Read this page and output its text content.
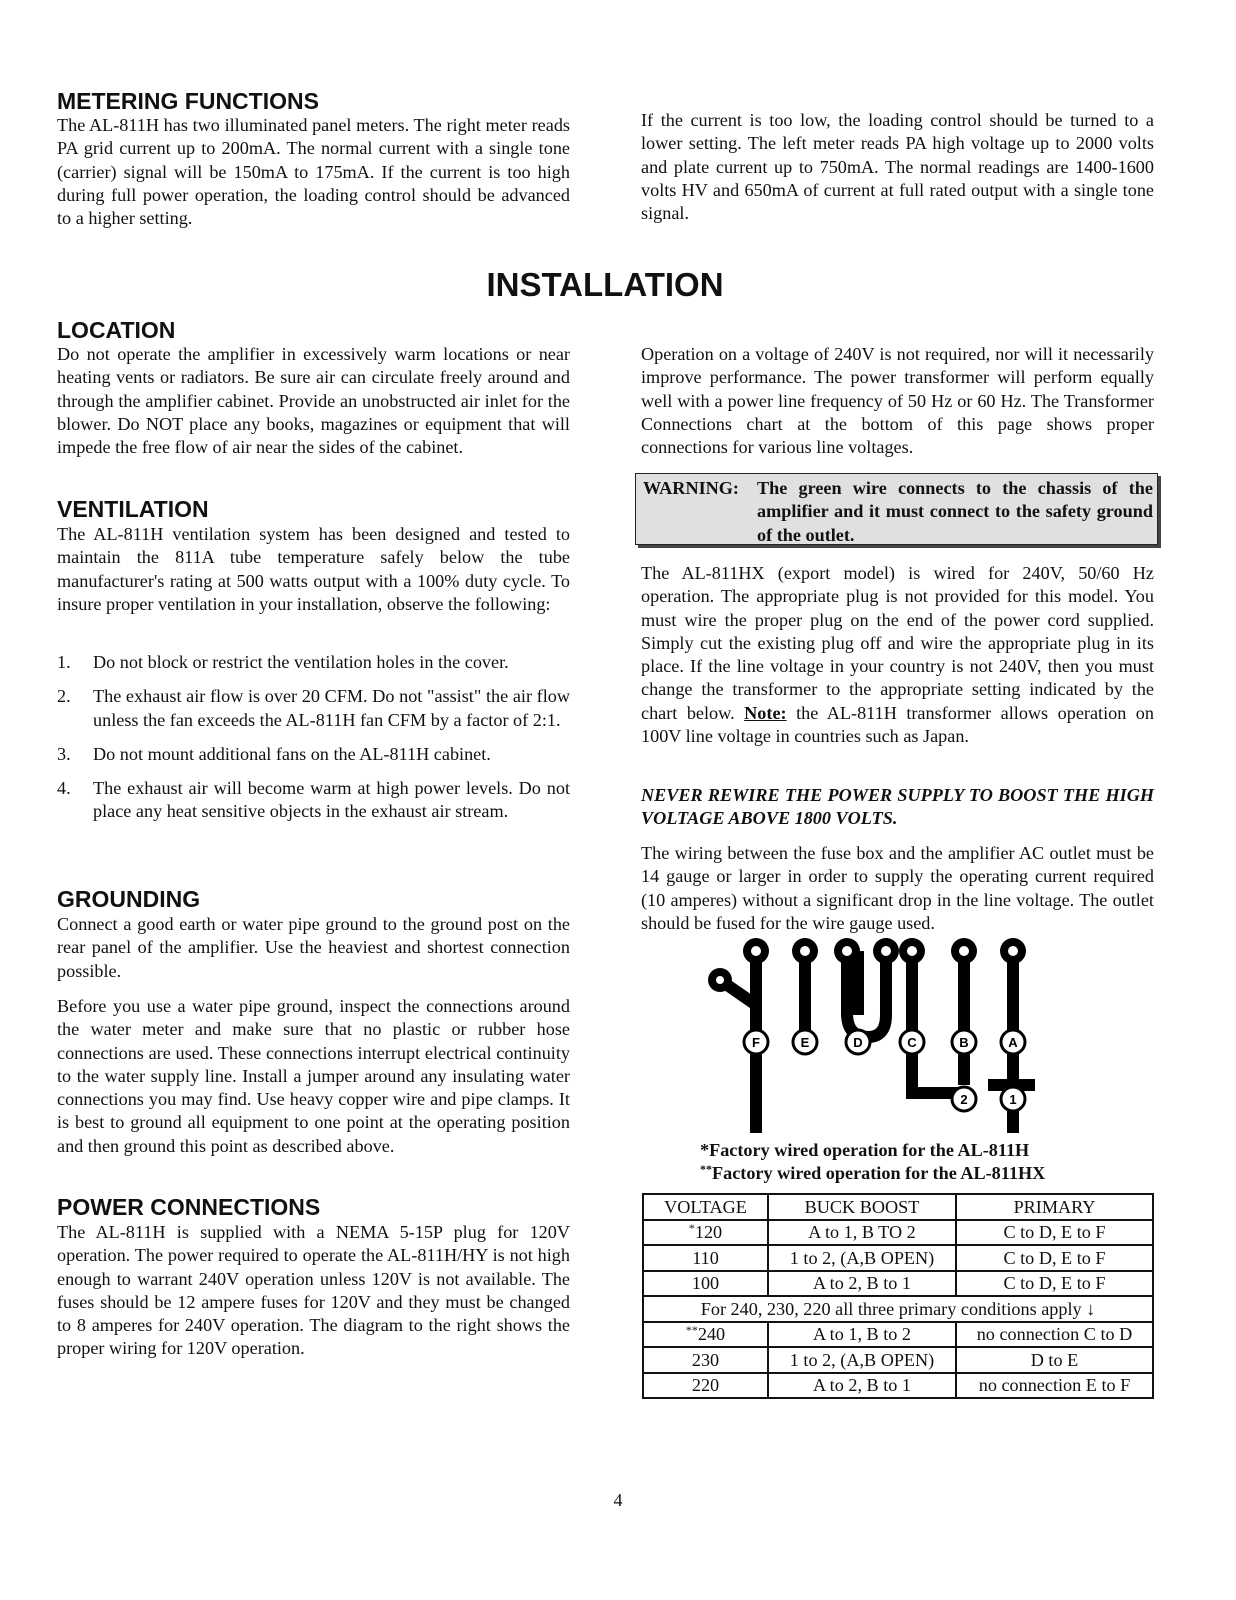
METERING FUNCTIONS

The AL-811H has two illuminated panel meters. The right meter reads PA grid current up to 200mA. The normal current with a single tone (carrier) signal will be 150mA to 175mA. If the current is too high during full power operation, the loading control should be advanced to a higher setting.

If the current is too low, the loading control should be turned to a lower setting. The left meter reads PA high voltage up to 2000 volts and plate current up to 750mA. The normal readings are 1400-1600 volts HV and 650mA of current at full rated output with a single tone signal.

INSTALLATION
LOCATION

Do not operate the amplifier in excessively warm locations or near heating vents or radiators. Be sure air can circulate freely around and through the amplifier cabinet. Provide an unobstructed air inlet for the blower. Do NOT place any books, magazines or equipment that will impede the free flow of air near the sides of the cabinet.

VENTILATION

The AL-811H ventilation system has been designed and tested to maintain the 811A tube temperature safely below the tube manufacturer's rating at 500 watts output with a 100% duty cycle. To insure proper ventilation in your installation, observe the following:

1. Do not block or restrict the ventilation holes in the cover.
2. The exhaust air flow is over 20 CFM. Do not "assist" the air flow unless the fan exceeds the AL-811H fan CFM by a factor of 2:1.
3. Do not mount additional fans on the AL-811H cabinet.
4. The exhaust air will become warm at high power levels. Do not place any heat sensitive objects in the exhaust air stream.
GROUNDING

Connect a good earth or water pipe ground to the ground post on the rear panel of the amplifier. Use the heaviest and shortest connection possible.

Before you use a water pipe ground, inspect the connections around the water meter and make sure that no plastic or rubber hose connections are used. These connections interrupt electrical continuity to the water supply line. Install a jumper around any insulating water connections you may find. Use heavy copper wire and pipe clamps. It is best to ground all equipment to one point at the operating position and then ground this point as described above.

POWER CONNECTIONS

The AL-811H is supplied with a NEMA 5-15P plug for 120V operation. The power required to operate the AL-811H/HY is not high enough to warrant 240V operation unless 120V is not available. The fuses should be 12 ampere fuses for 120V and they must be changed to 8 amperes for 240V operation. The diagram to the right shows the proper wiring for 120V operation.

Operation on a voltage of 240V is not required, nor will it necessarily improve performance. The power transformer will perform equally well with a power line frequency of 50 Hz or 60 Hz. The Transformer Connections chart at the bottom of this page shows proper connections for various line voltages.

WARNING: The green wire connects to the chassis of the amplifier and it must connect to the safety ground of the outlet.

The AL-811HX (export model) is wired for 240V, 50/60 Hz operation. The appropriate plug is not provided for this model. You must wire the proper plug on the end of the power cord supplied. Simply cut the existing plug off and wire the appropriate plug in its place. If the line voltage in your country is not 240V, then you must change the transformer to the appropriate setting indicated by the chart below. Note: the AL-811H transformer allows operation on 100V line voltage in countries such as Japan.

NEVER REWIRE THE POWER SUPPLY TO BOOST THE HIGH VOLTAGE ABOVE 1800 VOLTS.

The wiring between the fuse box and the amplifier AC outlet must be 14 gauge or larger in order to supply the operating current required (10 amperes) without a significant drop in the line voltage. The outlet should be fused for the wire gauge used.

F	E	D	C	B	A
2	1
*Factory wired operation for the AL-811H
**Factory wired operation for the AL-811HX
VOLTAGE	BUCK BOOST	PRIMARY
*120	A to 1, B TO 2	C to D, E to F
110	1 to 2, (A,B OPEN)	C to D, E to F
100	A to 2, B to 1	C to D, E to F
For 240, 230, 220 all three primary conditions apply ↓		
**240	A to 1, B to 2	no connection C to D
230	1 to 2, (A,B OPEN)	D to E
220	A to 2, B to 1	no connection E to F
4
